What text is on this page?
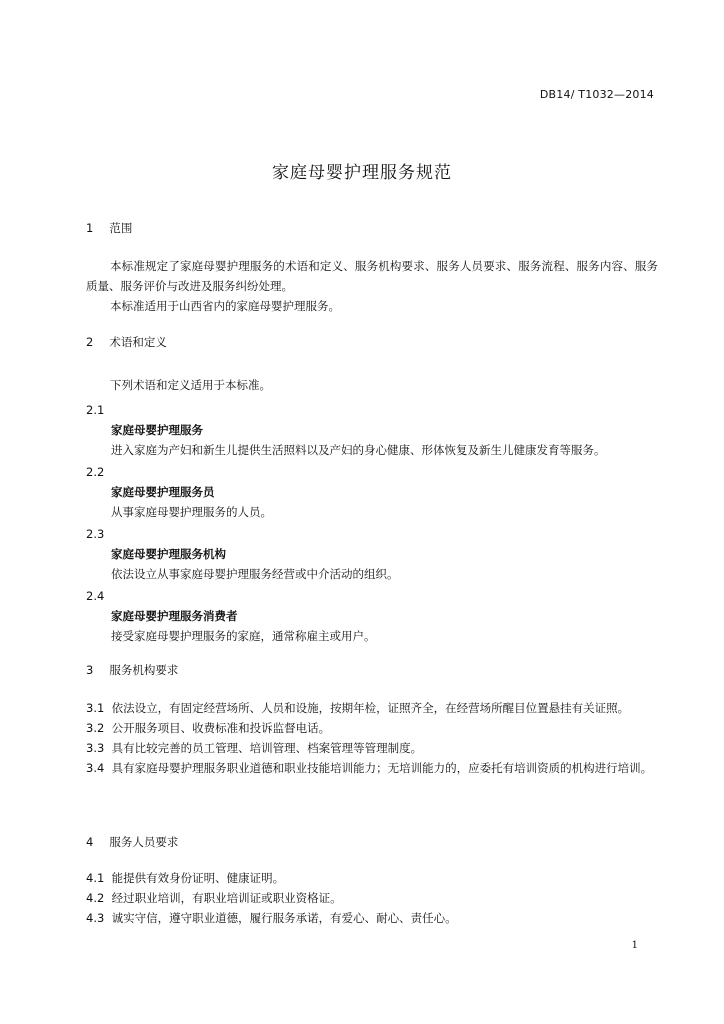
DB14/ T1032—2014
家庭母婴护理服务规范
1 范围

本标准规定了家庭母婴护理服务的术语和定义、服务机构要求、服务人员要求、服务流程、服务内容、服务质量、服务评价与改进及服务纠纷处理。

本标准适用于山西省内的家庭母婴护理服务。

2 术语和定义

下列术语和定义适用于本标准。

2.1

家庭母婴护理服务

进入家庭为产妇和新生儿提供生活照料以及产妇的身心健康、形体恢复及新生儿健康发育等服务。

2.2

家庭母婴护理服务员

从事家庭母婴护理服务的人员。

2.3

家庭母婴护理服务机构

依法设立从事家庭母婴护理服务经营或中介活动的组织。

2.4

家庭母婴护理服务消费者

接受家庭母婴护理服务的家庭，通常称雇主或用户。

3 服务机构要求

3.1 依法设立，有固定经营场所、人员和设施，按期年检，证照齐全，在经营场所醒目位置悬挂有关证照。

3.2 公开服务项目、收费标准和投诉监督电话。

3.3 具有比较完善的员工管理、培训管理、档案管理等管理制度。

3.4 具有家庭母婴护理服务职业道德和职业技能培训能力；无培训能力的，应委托有培训资质的机构进行培训。

4 服务人员要求

4.1 能提供有效身份证明、健康证明。

4.2 经过职业培训，有职业培训证或职业资格证。

4.3 诚实守信，遵守职业道德，履行服务承诺，有爱心、耐心、责任心。

1
